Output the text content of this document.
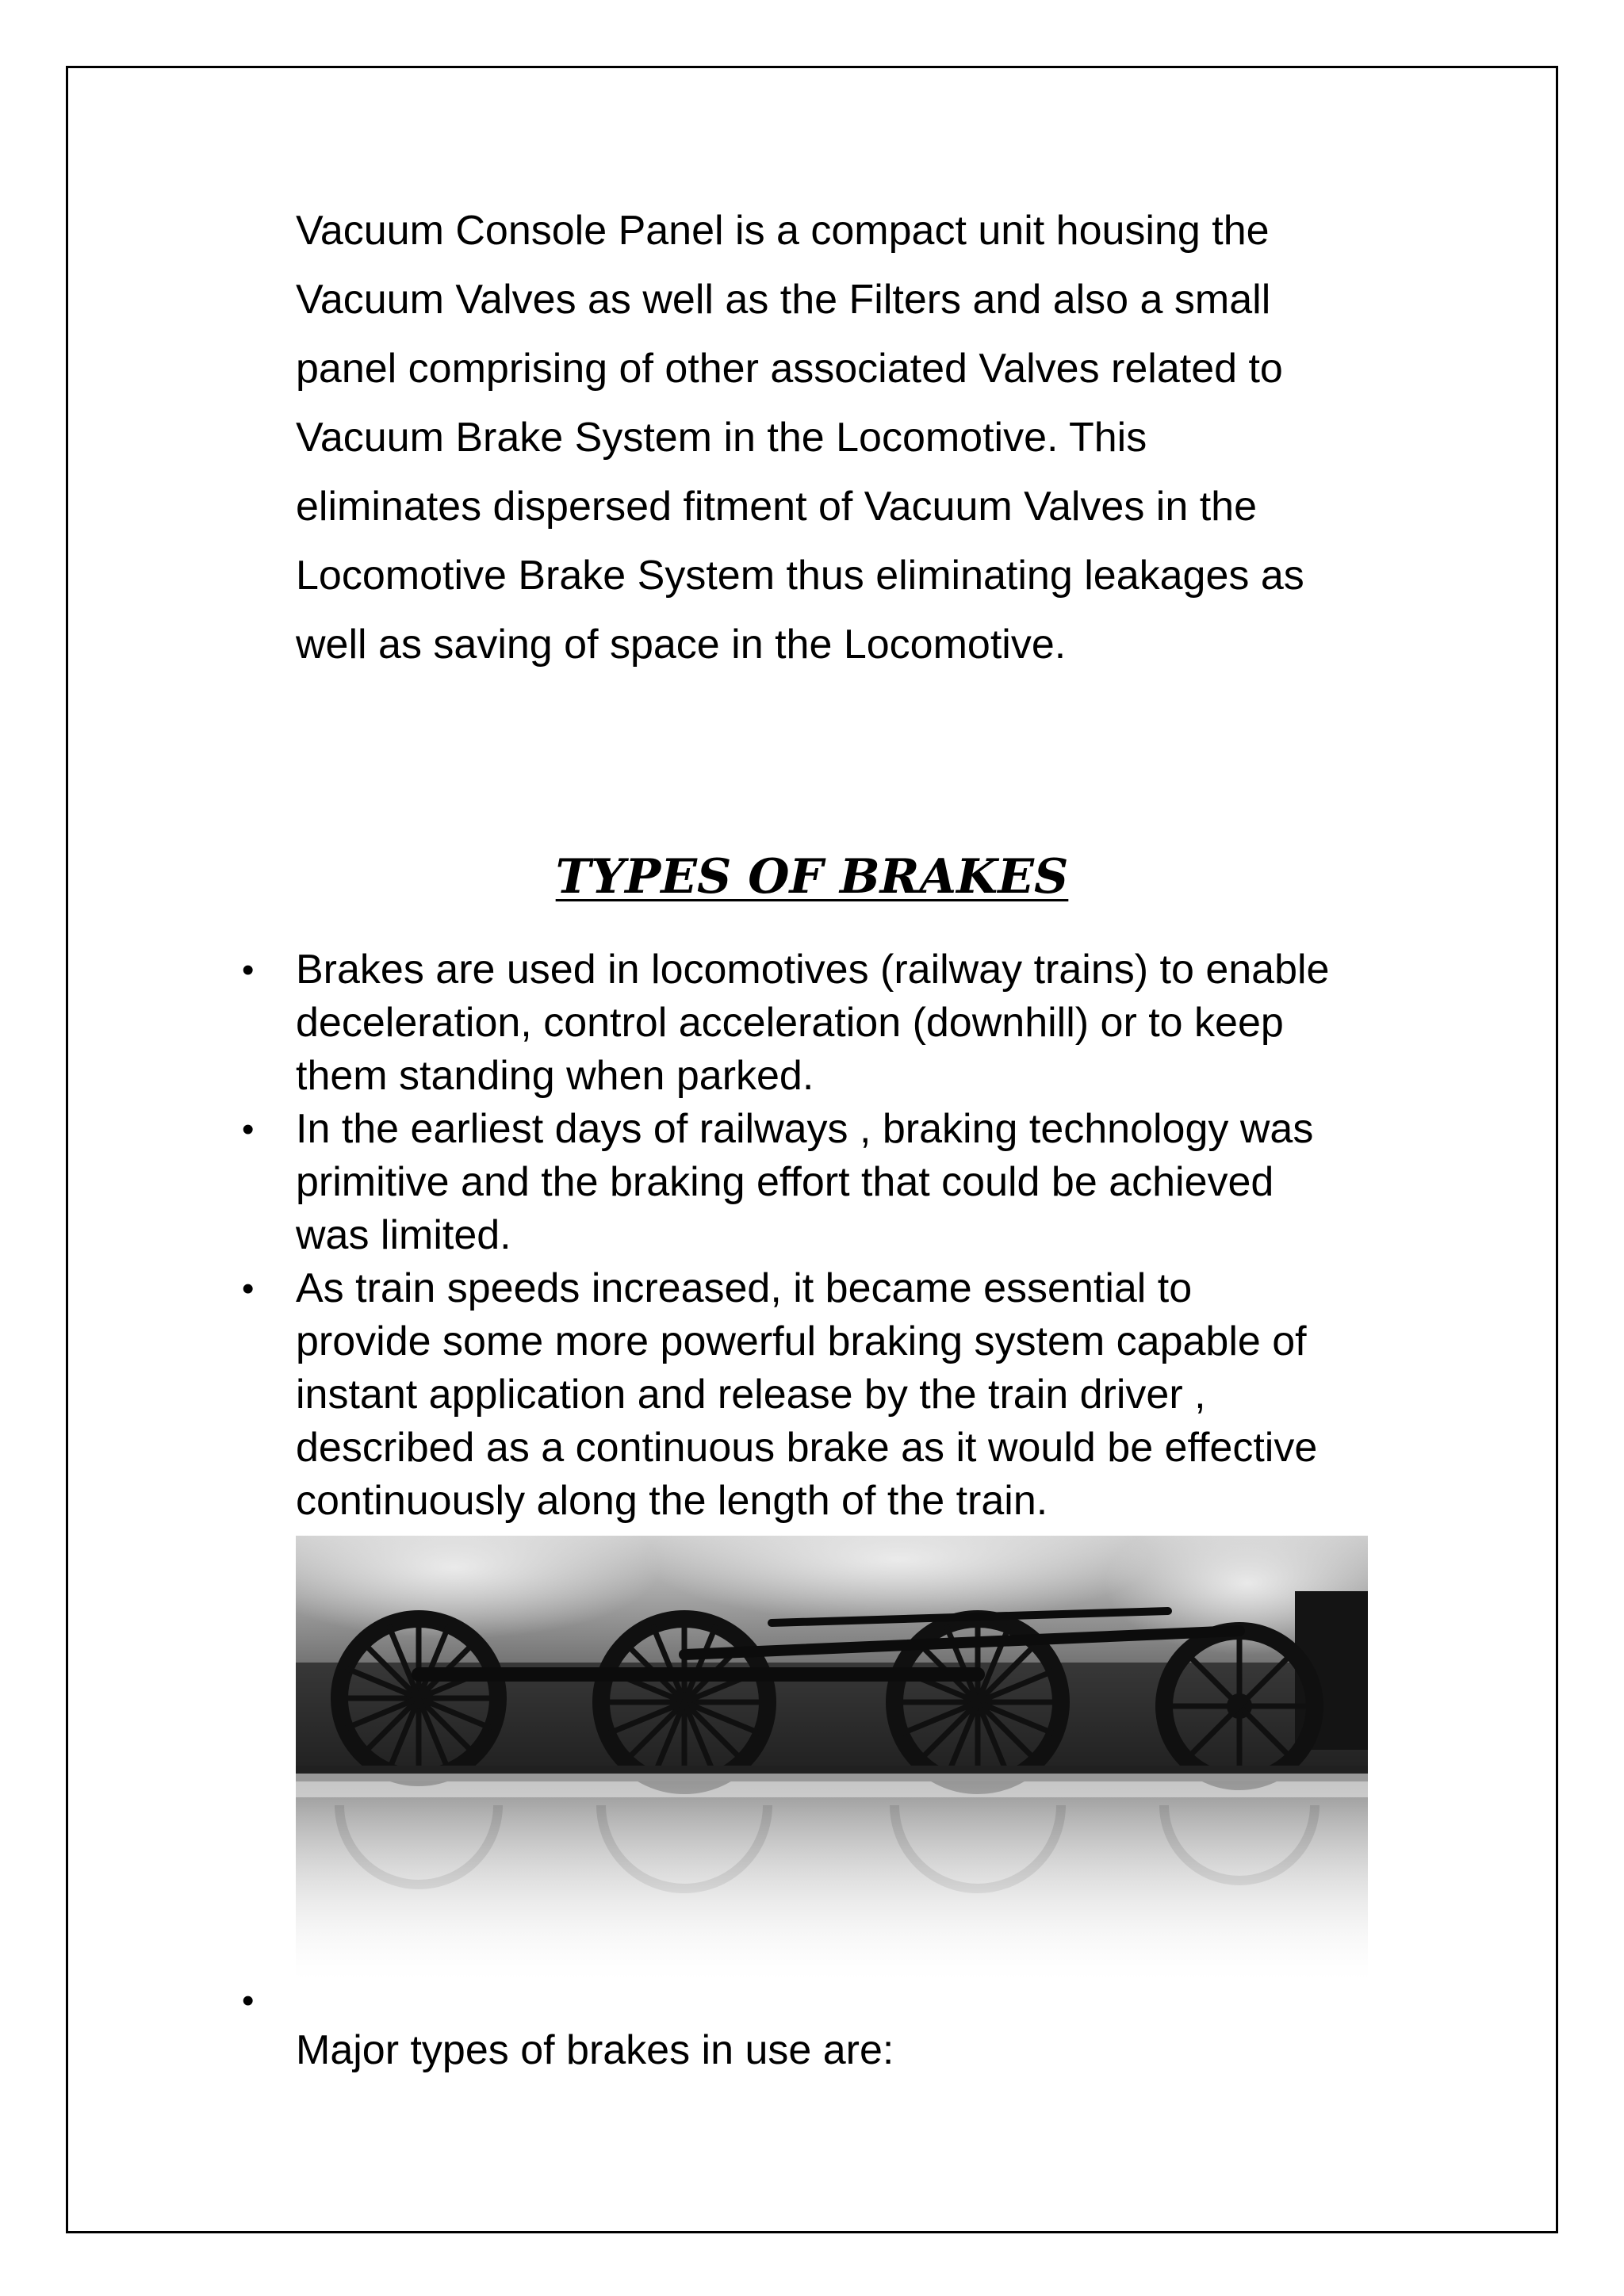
Vacuum Console Panel is a compact unit housing the
Vacuum Valves as well as the Filters and also a small
panel comprising of other associated Valves related to
Vacuum Brake System in the Locomotive. This
eliminates dispersed fitment of Vacuum Valves in the
Locomotive Brake System thus eliminating leakages as
well as saving of space in the Locomotive.
TYPES OF BRAKES
• Brakes are used in locomotives (railway trains) to enable
deceleration, control acceleration (downhill) or to keep
them standing when parked.
• In the earliest days of railways , braking technology was
primitive and the braking effort that could be achieved
was limited.
• As train speeds increased, it became essential to
provide some more powerful braking system capable of
instant application and release by the train driver ,
described as a continuous brake as it would be effective
continuously along the length of the train.
•
Major types of brakes in use are:
